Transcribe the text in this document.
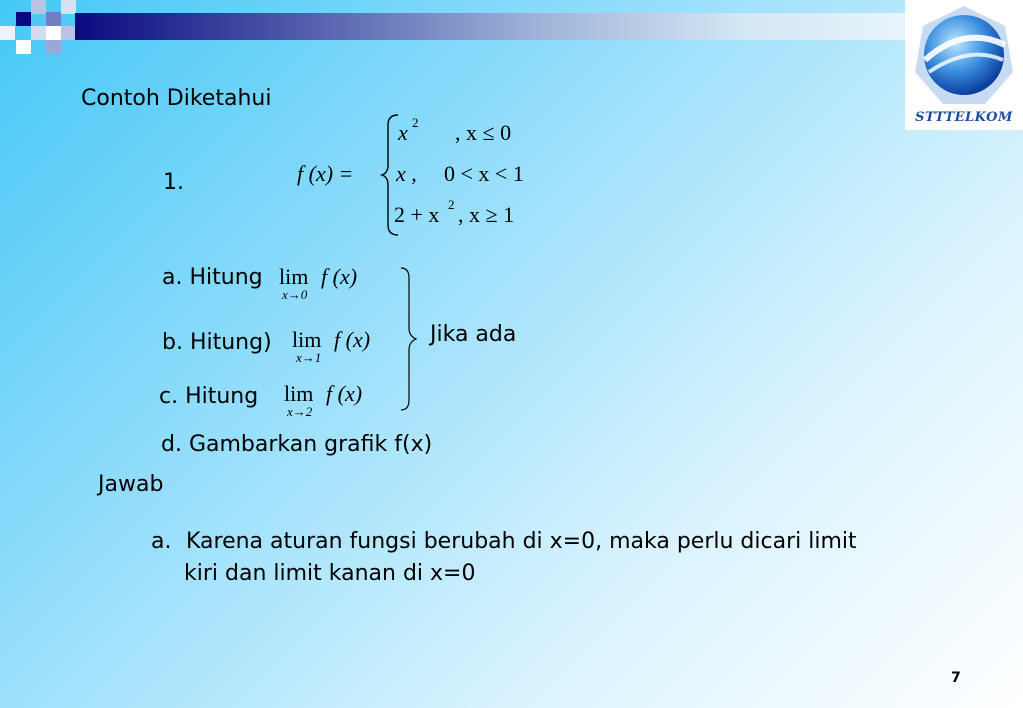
STTTELKOM
Contoh Diketahui
1.	f (x) =
x 2 , x ≤ 0
x , 0 < x < 1
2 + x 2 , x ≥ 1
a. Hitung lim f (x)
x→0
b. Hitung) lim f (x)
x→1
c. Hitung lim f (x)
x→2
Jika ada
d. Gambarkan grafik f(x)
Jawab
a. Karena aturan fungsi berubah di x=0, maka perlu dicari limit
kiri dan limit kanan di x=0
7
